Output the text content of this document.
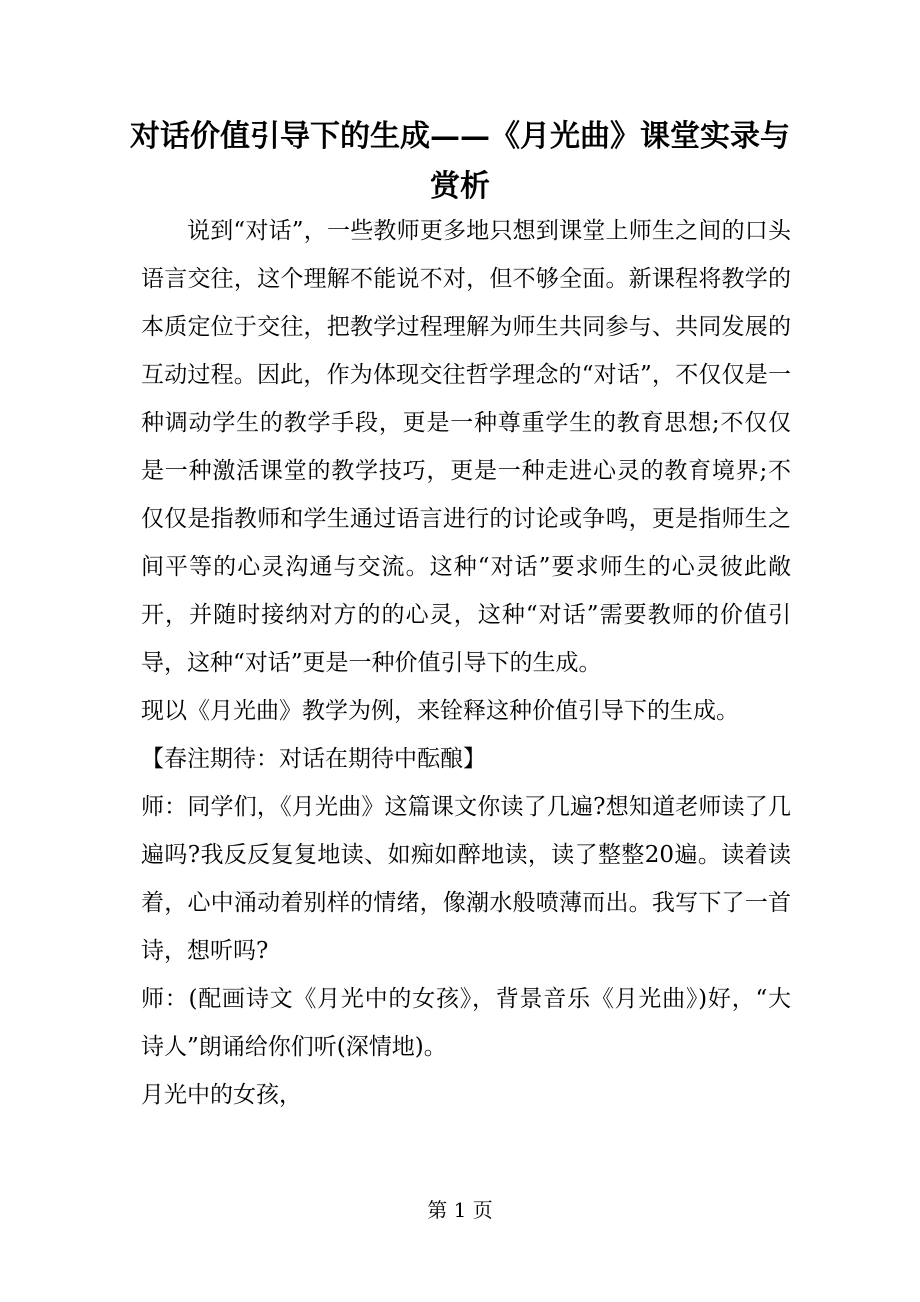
对话价值引导下的生成——《月光曲》课堂实录与赏析

说到“对话”，一些教师更多地只想到课堂上师生之间的口头语言交往，这个理解不能说不对，但不够全面。新课程将教学的本质定位于交往，把教学过程理解为师生共同参与、共同发展的互动过程。因此，作为体现交往哲学理念的“对话”，不仅仅是一种调动学生的教学手段，更是一种尊重学生的教育思想;不仅仅是一种激活课堂的教学技巧，更是一种走进心灵的教育境界;不仅仅是指教师和学生通过语言进行的讨论或争鸣，更是指师生之间平等的心灵沟通与交流。这种“对话”要求师生的心灵彼此敞开，并随时接纳对方的的心灵，这种“对话”需要教师的价值引导，这种“对话”更是一种价值引导下的生成。

现以《月光曲》教学为例，来铨释这种价值引导下的生成。

【春注期待：对话在期待中酝酿】

师：同学们，《月光曲》这篇课文你读了几遍?想知道老师读了几遍吗?我反反复复地读、如痴如醉地读，读了整整20遍。读着读着，心中涌动着别样的情绪，像潮水般喷薄而出。我写下了一首诗，想听吗?

师：(配画诗文《月光中的女孩》，背景音乐《月光曲》)好，“大诗人”朗诵给你们听(深情地)。

月光中的女孩，

第 1 页
